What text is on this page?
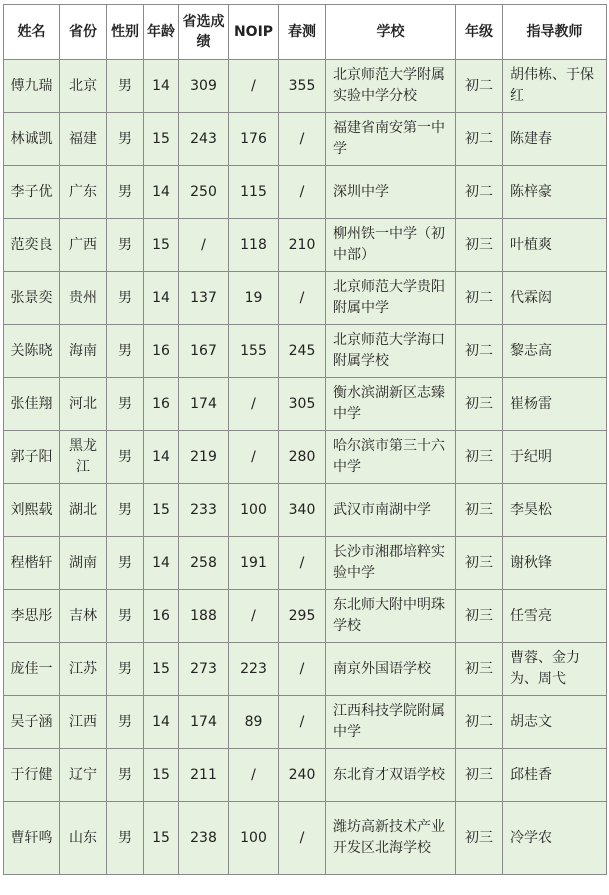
姓名	省份	性别	年龄	省选成绩	NOIP	春测	学校	年级	指导教师
傅九瑞	北京	男	14	309	/	355	北京师范大学附属实验中学分校	初二	胡伟栋、于保红
林诚凯	福建	男	15	243	176	/	福建省南安第一中学	初二	陈建春
李子优	广东	男	14	250	115	/	深圳中学	初二	陈梓豪
范奕良	广西	男	15	/	118	210	柳州铁一中学（初中部）	初三	叶植爽
张景奕	贵州	男	14	137	19	/	北京师范大学贵阳附属中学	初二	代霖闳
关陈晓	海南	男	16	167	155	245	北京师范大学海口附属学校	初二	黎志高
张佳翔	河北	男	16	174	/	305	衡水滨湖新区志臻中学	初三	崔杨雷
郭子阳	黑龙江	男	14	219	/	280	哈尔滨市第三十六中学	初三	于纪明
刘熙载	湖北	男	15	233	100	340	武汉市南湖中学	初三	李昊松
程楷轩	湖南	男	14	258	191	/	长沙市湘郡培粹实验中学	初三	谢秋锋
李思彤	吉林	男	16	188	/	295	东北师大附中明珠学校	初三	任雪亮
庞佳一	江苏	男	15	273	223	/	南京外国语学校	初三	曹蓉、金力为、周弋
吴子涵	江西	男	14	174	89	/	江西科技学院附属中学	初二	胡志文
于行健	辽宁	男	15	211	/	240	东北育才双语学校	初三	邱桂香
曹轩鸣	山东	男	15	238	100	/	潍坊高新技术产业开发区北海学校	初三	冷学农
